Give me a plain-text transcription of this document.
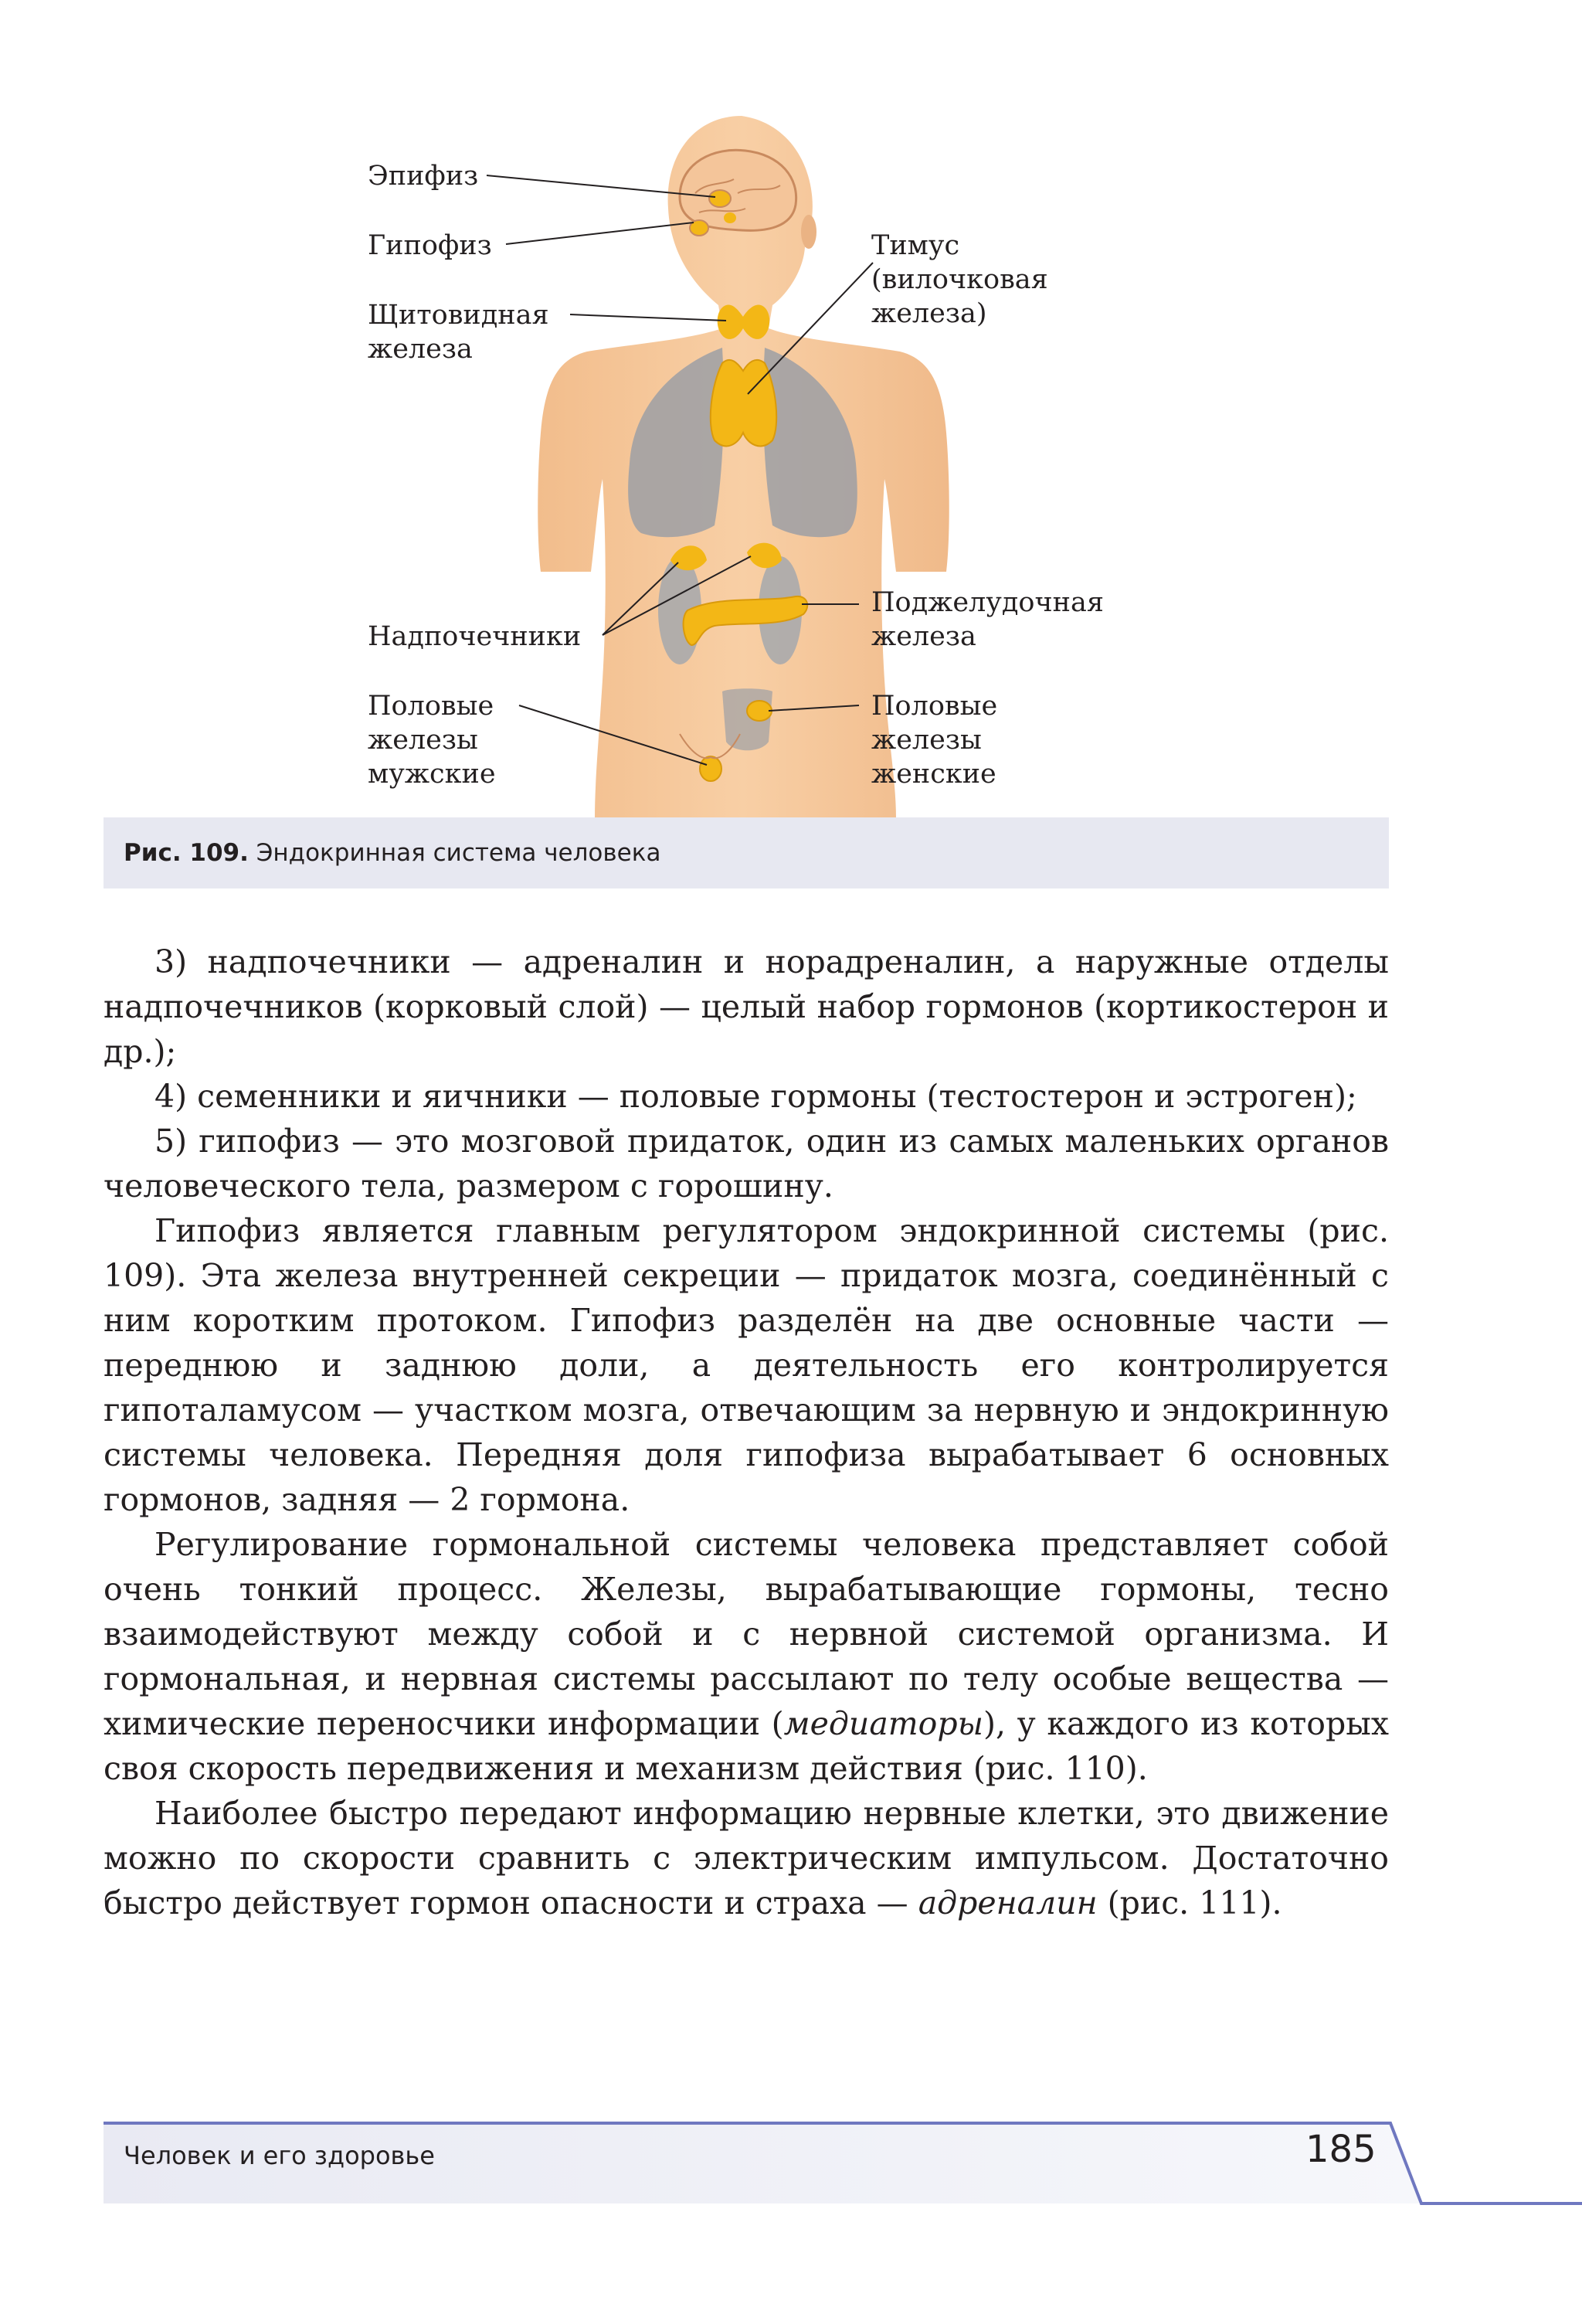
Эпифиз

Гипофиз

Щитовидная
железа

Тимус
(вилочковая
железа)

Надпочечники

Поджелудочная
железа

Половые
железы
мужские

Половые
железы
женские

Рис. 109. Эндокринная система человека

3) надпочечники — адреналин и норадреналин, а наружные отделы надпочечников (корковый слой) — целый набор гормонов (кортикостерон и др.);

4) семенники и яичники — половые гормоны (тестостерон и эстроген);

5) гипофиз — это мозговой придаток, один из самых маленьких органов человеческого тела, размером с горошину.

Гипофиз является главным регулятором эндокринной системы (рис. 109). Эта железа внутренней секреции — придаток мозга, соединённый с ним коротким протоком. Гипофиз разделён на две основные части — переднюю и заднюю доли, а деятельность его контролируется гипоталамусом — участком мозга, отвечающим за нервную и эндокринную системы человека. Передняя доля гипофиза вырабатывает 6 основных гормонов, задняя — 2 гормона.

Регулирование гормональной системы человека представляет собой очень тонкий процесс. Железы, вырабатывающие гормоны, тесно взаимодействуют между собой и с нервной системой организма. И гормональная, и нервная системы рассылают по телу особые вещества — химические переносчики информации (медиаторы), у каждого из которых своя скорость передвижения и механизм действия (рис. 110).

Наиболее быстро передают информацию нервные клетки, это движение можно по скорости сравнить с электрическим импульсом. Достаточно быстро действует гормон опасности и страха — адреналин (рис. 111).

Человек и его здоровье	185
